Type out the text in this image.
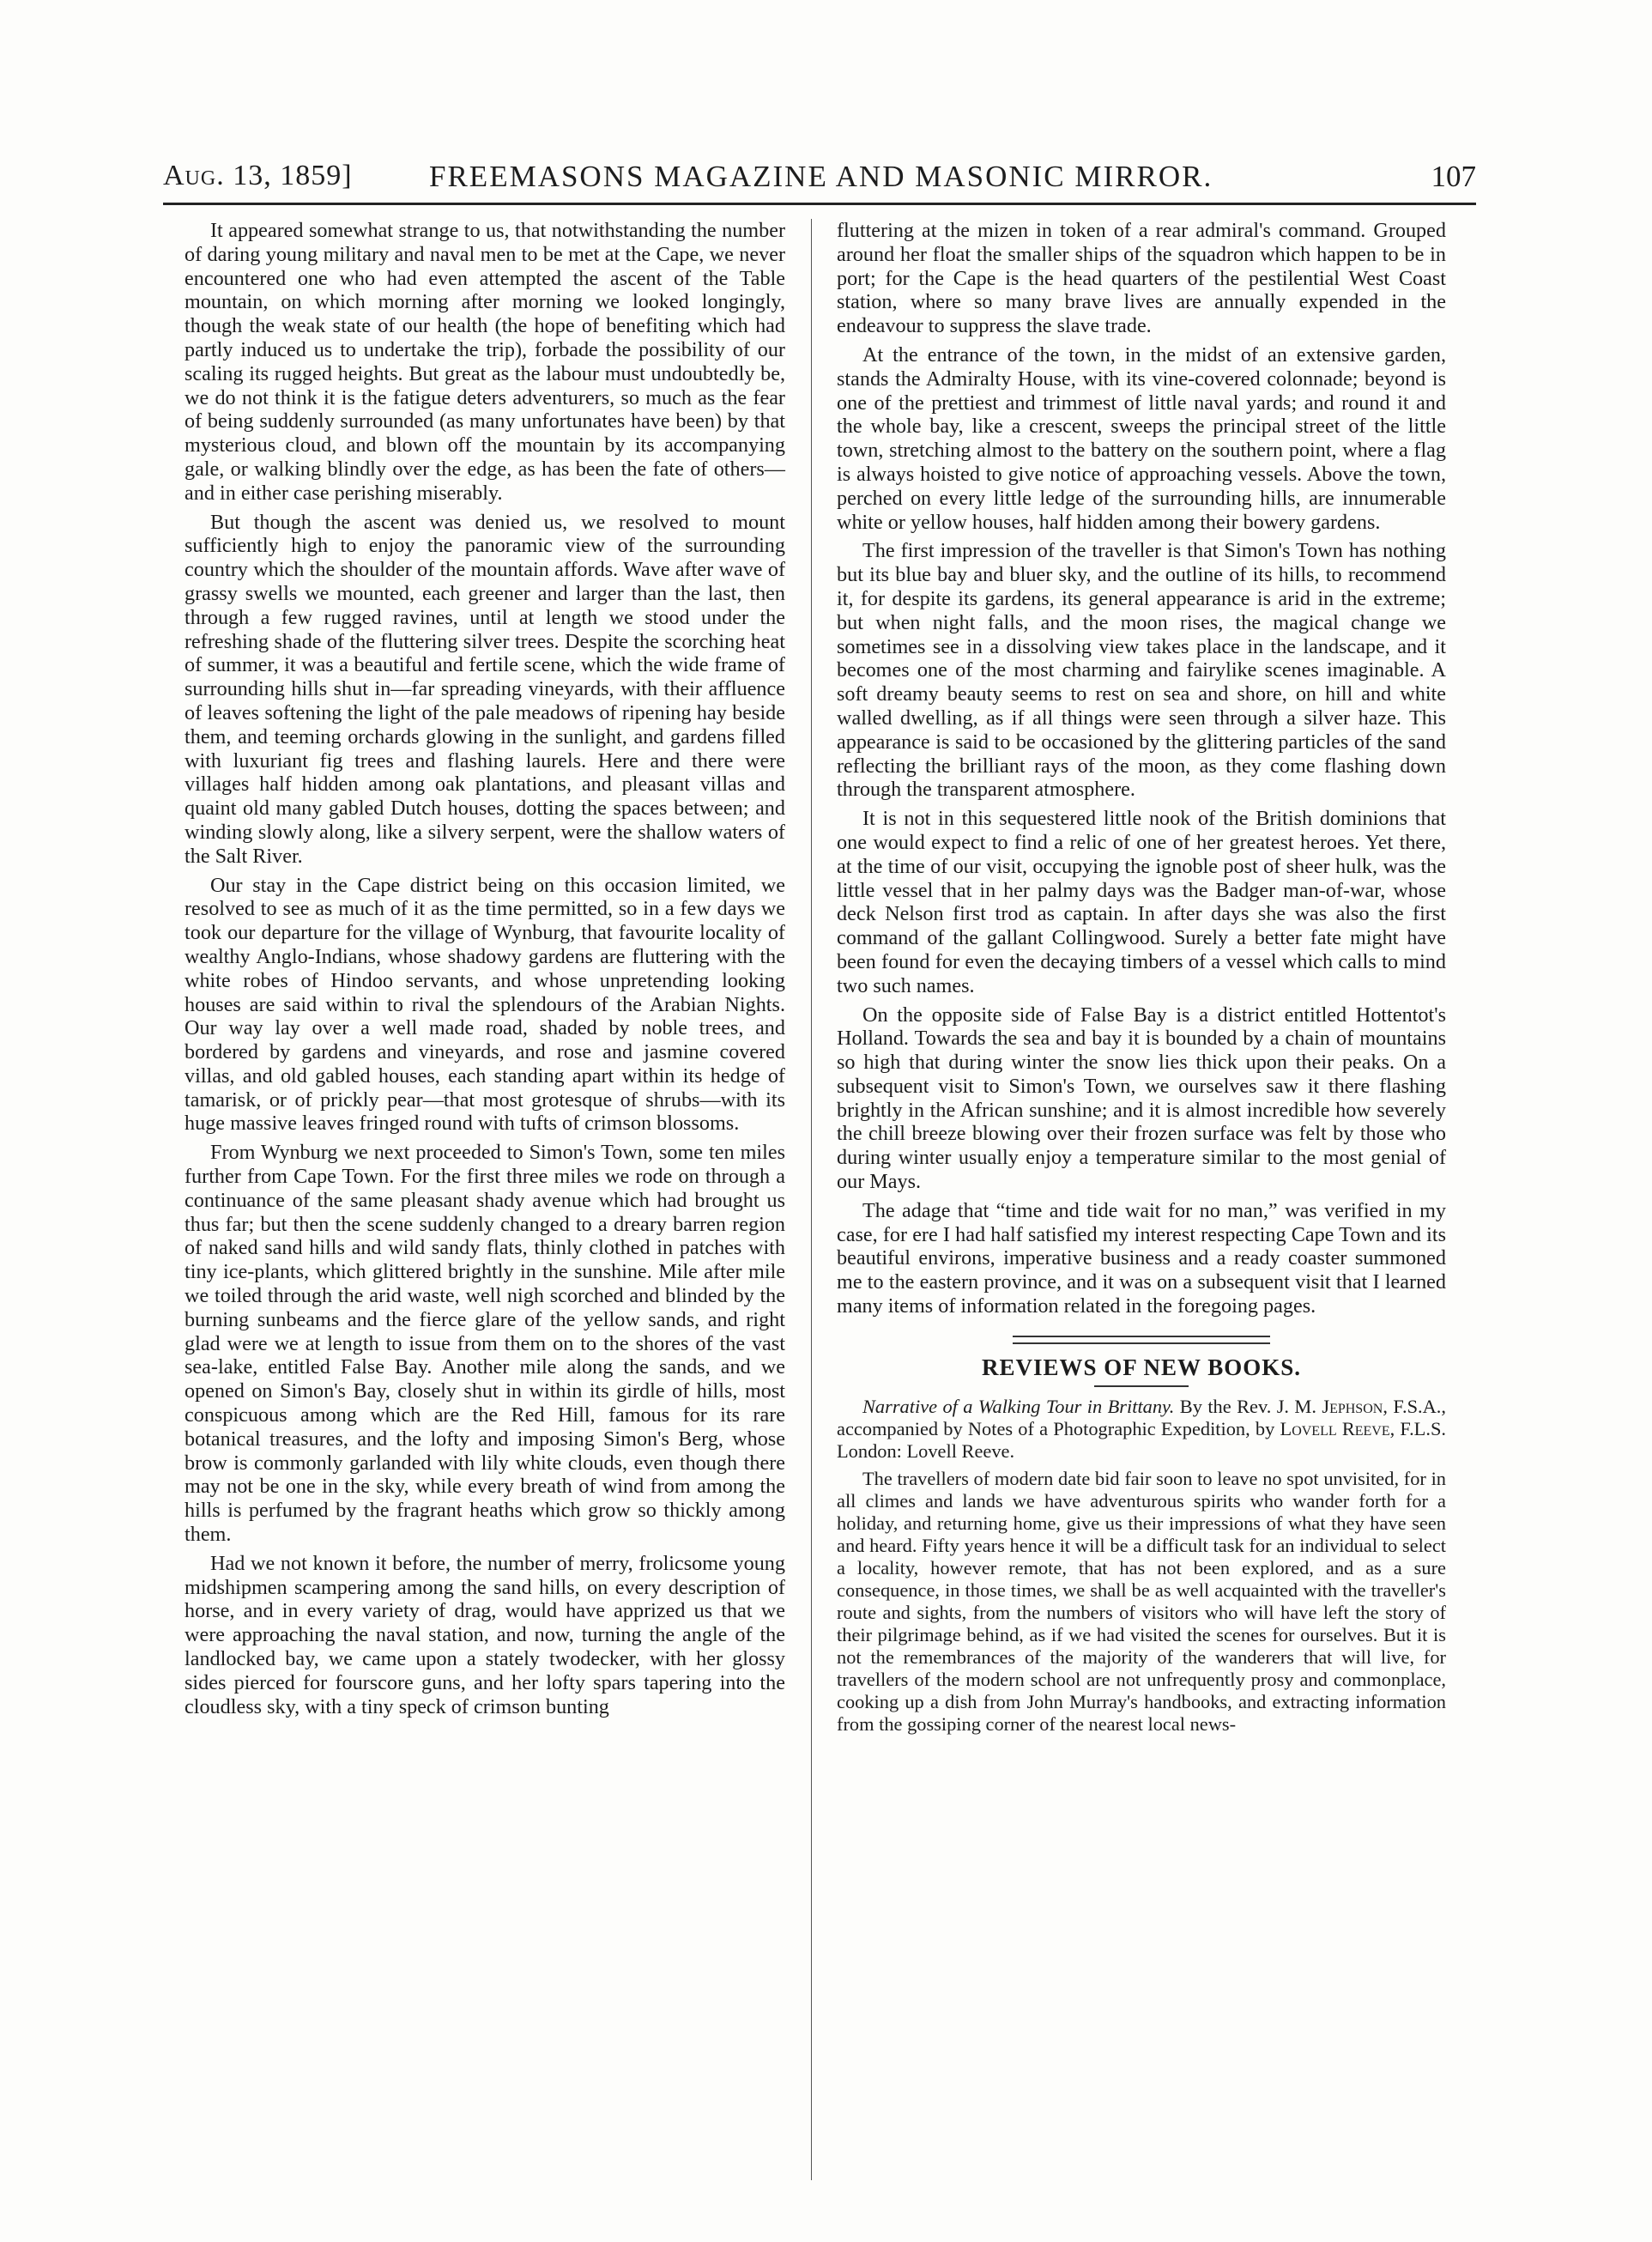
Aug. 13, 1859]	FREEMASONS MAGAZINE AND MASONIC MIRROR.	107

It appeared somewhat strange to us, that notwithstanding the number of daring young military and naval men to be met at the Cape, we never encountered one who had even attempted the ascent of the Table mountain, on which morning after morning we looked longingly, though the weak state of our health (the hope of benefiting which had partly induced us to undertake the trip), forbade the possibility of our scaling its rugged heights. But great as the labour must undoubtedly be, we do not think it is the fatigue deters adventurers, so much as the fear of being suddenly surrounded (as many unfortunates have been) by that mysterious cloud, and blown off the mountain by its accompanying gale, or walking blindly over the edge, as has been the fate of others—and in either case perishing miserably.

But though the ascent was denied us, we resolved to mount sufficiently high to enjoy the panoramic view of the surrounding country which the shoulder of the mountain affords. Wave after wave of grassy swells we mounted, each greener and larger than the last, then through a few rugged ravines, until at length we stood under the refreshing shade of the fluttering silver trees. Despite the scorching heat of summer, it was a beautiful and fertile scene, which the wide frame of surrounding hills shut in—far spreading vineyards, with their affluence of leaves softening the light of the pale meadows of ripening hay beside them, and teeming orchards glowing in the sunlight, and gardens filled with luxuriant fig trees and flashing laurels. Here and there were villages half hidden among oak plantations, and pleasant villas and quaint old many gabled Dutch houses, dotting the spaces between; and winding slowly along, like a silvery serpent, were the shallow waters of the Salt River.

Our stay in the Cape district being on this occasion limited, we resolved to see as much of it as the time permitted, so in a few days we took our departure for the village of Wynburg, that favourite locality of wealthy Anglo-Indians, whose shadowy gardens are fluttering with the white robes of Hindoo servants, and whose unpretending looking houses are said within to rival the splendours of the Arabian Nights. Our way lay over a well made road, shaded by noble trees, and bordered by gardens and vineyards, and rose and jasmine covered villas, and old gabled houses, each standing apart within its hedge of tamarisk, or of prickly pear—that most grotesque of shrubs—with its huge massive leaves fringed round with tufts of crimson blossoms.

From Wynburg we next proceeded to Simon's Town, some ten miles further from Cape Town. For the first three miles we rode on through a continuance of the same pleasant shady avenue which had brought us thus far; but then the scene suddenly changed to a dreary barren region of naked sand hills and wild sandy flats, thinly clothed in patches with tiny ice-plants, which glittered brightly in the sunshine. Mile after mile we toiled through the arid waste, well nigh scorched and blinded by the burning sunbeams and the fierce glare of the yellow sands, and right glad were we at length to issue from them on to the shores of the vast sea-lake, entitled False Bay. Another mile along the sands, and we opened on Simon's Bay, closely shut in within its girdle of hills, most conspicuous among which are the Red Hill, famous for its rare botanical treasures, and the lofty and imposing Simon's Berg, whose brow is commonly garlanded with lily white clouds, even though there may not be one in the sky, while every breath of wind from among the hills is perfumed by the fragrant heaths which grow so thickly among them.

Had we not known it before, the number of merry, frolicsome young midshipmen scampering among the sand hills, on every description of horse, and in every variety of drag, would have apprized us that we were approaching the naval station, and now, turning the angle of the landlocked bay, we came upon a stately twodecker, with her glossy sides pierced for fourscore guns, and her lofty spars tapering into the cloudless sky, with a tiny speck of crimson bunting

fluttering at the mizen in token of a rear admiral's command. Grouped around her float the smaller ships of the squadron which happen to be in port; for the Cape is the head quarters of the pestilential West Coast station, where so many brave lives are annually expended in the endeavour to suppress the slave trade.

At the entrance of the town, in the midst of an extensive garden, stands the Admiralty House, with its vine-covered colonnade; beyond is one of the prettiest and trimmest of little naval yards; and round it and the whole bay, like a crescent, sweeps the principal street of the little town, stretching almost to the battery on the southern point, where a flag is always hoisted to give notice of approaching vessels. Above the town, perched on every little ledge of the surrounding hills, are innumerable white or yellow houses, half hidden among their bowery gardens.

The first impression of the traveller is that Simon's Town has nothing but its blue bay and bluer sky, and the outline of its hills, to recommend it, for despite its gardens, its general appearance is arid in the extreme; but when night falls, and the moon rises, the magical change we sometimes see in a dissolving view takes place in the landscape, and it becomes one of the most charming and fairylike scenes imaginable. A soft dreamy beauty seems to rest on sea and shore, on hill and white walled dwelling, as if all things were seen through a silver haze. This appearance is said to be occasioned by the glittering particles of the sand reflecting the brilliant rays of the moon, as they come flashing down through the transparent atmosphere.

It is not in this sequestered little nook of the British dominions that one would expect to find a relic of one of her greatest heroes. Yet there, at the time of our visit, occupying the ignoble post of sheer hulk, was the little vessel that in her palmy days was the Badger man-of-war, whose deck Nelson first trod as captain. In after days she was also the first command of the gallant Collingwood. Surely a better fate might have been found for even the decaying timbers of a vessel which calls to mind two such names.

On the opposite side of False Bay is a district entitled Hottentot's Holland. Towards the sea and bay it is bounded by a chain of mountains so high that during winter the snow lies thick upon their peaks. On a subsequent visit to Simon's Town, we ourselves saw it there flashing brightly in the African sunshine; and it is almost incredible how severely the chill breeze blowing over their frozen surface was felt by those who during winter usually enjoy a temperature similar to the most genial of our Mays.

The adage that “time and tide wait for no man,” was verified in my case, for ere I had half satisfied my interest respecting Cape Town and its beautiful environs, imperative business and a ready coaster summoned me to the eastern province, and it was on a subsequent visit that I learned many items of information related in the foregoing pages.

REVIEWS OF NEW BOOKS.

Narrative of a Walking Tour in Brittany. By the Rev. J. M. Jephson, F.S.A., accompanied by Notes of a Photographic Expedition, by Lovell Reeve, F.L.S. London: Lovell Reeve.

The travellers of modern date bid fair soon to leave no spot unvisited, for in all climes and lands we have adventurous spirits who wander forth for a holiday, and returning home, give us their impressions of what they have seen and heard. Fifty years hence it will be a difficult task for an individual to select a locality, however remote, that has not been explored, and as a sure consequence, in those times, we shall be as well acquainted with the traveller's route and sights, from the numbers of visitors who will have left the story of their pilgrimage behind, as if we had visited the scenes for ourselves. But it is not the remembrances of the majority of the wanderers that will live, for travellers of the modern school are not unfrequently prosy and commonplace, cooking up a dish from John Murray's handbooks, and extracting information from the gossiping corner of the nearest local news-
